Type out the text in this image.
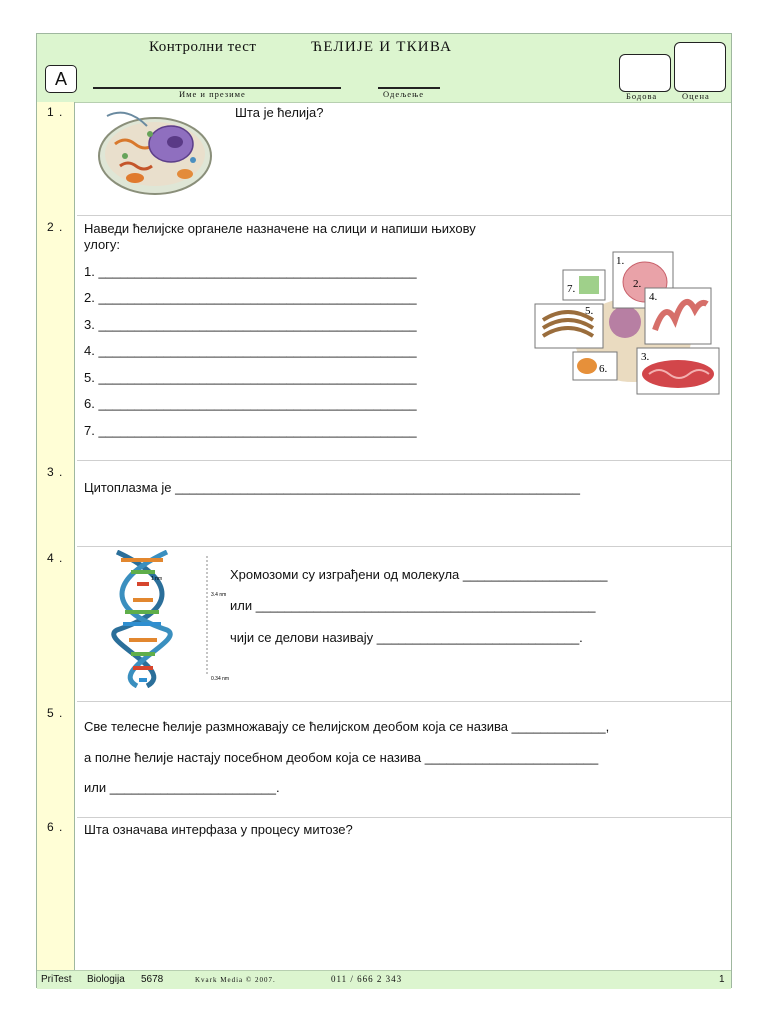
Контролни тест	ЋЕЛИЈЕ И ТКИВА
А
Име и презиме	Одељење	Бодова	Оцена
1 .	Шта је ћелија?
2 . Наведи ћелијске органеле назначене на слици и напиши њихову
улогу:
1. ____________________________________________
2. ____________________________________________
3. ____________________________________________
4. ____________________________________________
5. ____________________________________________
6. ____________________________________________
7. ____________________________________________
1.
2.
4.
3.
7.
5.
6.
3 .
Цитоплазма је ________________________________________________________
4 .
1 nm
3.4 nm
0.34 nm
Хромозоми су изграђени од молекула ____________________
или _______________________________________________
чији се делови називају ____________________________.
5 .
Све телесне ћелије размножавају се ћелијском деобом која се назива _____________,
а полне ћелије настају посебном деобом која се назива ________________________
или _______________________.
6 . Шта означава интерфаза у процесу митозе?
PriTest Biologija 5678	Kvark Media © 2007.	011 / 666 2 343	1
